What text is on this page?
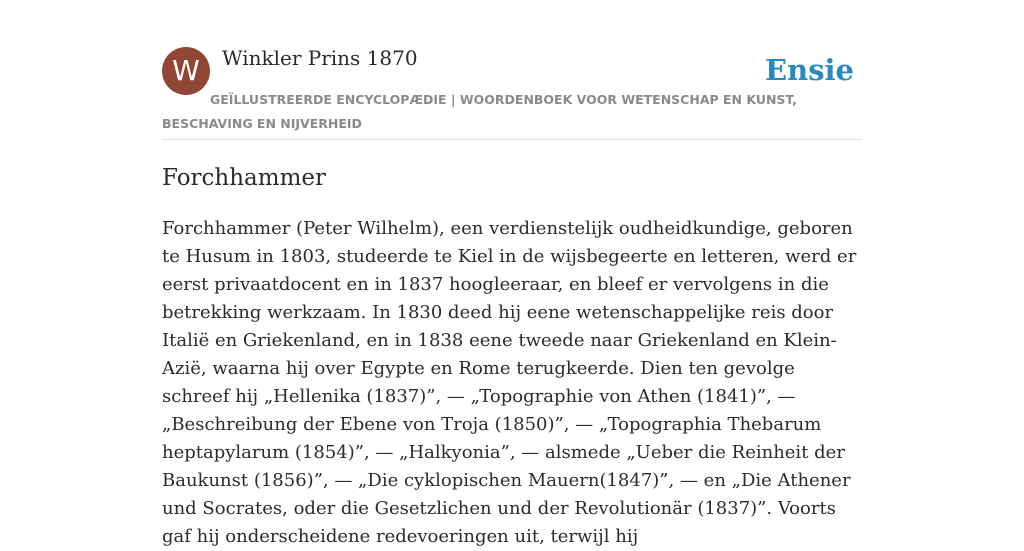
W	Winkler Prins 1870	Ensie

GEÏLLUSTREERDE ENCYCLOPÆDIE | WOORDENBOEK VOOR WETENSCHAP EN KUNST, BESCHAVING EN NIJVERHEID

Forchhammer

Forchhammer (Peter Wilhelm), een verdienstelijk oudheidkundige, geboren te Husum in 1803, studeerde te Kiel in de wijsbegeerte en letteren, werd er eerst privaatdocent en in 1837 hoogleeraar, en bleef er vervolgens in die betrekking werkzaam. In 1830 deed hij eene wetenschappelijke reis door Italië en Griekenland, en in 1838 eene tweede naar Griekenland en Klein-Azië, waarna hij over Egypte en Rome terugkeerde. Dien ten gevolge schreef hij „Hellenika (1837)”, — „Topographie von Athen (1841)”, — „Beschreibung der Ebene von Troja (1850)”, — „Topographia Thebarum heptapylarum (1854)”, — „Halkyonia”, — alsmede „Ueber die Reinheit der Baukunst (1856)”, — „Die cyklopischen Mauern(1847)”, — en „Die Athener und Socrates, oder die Gesetzlichen und der Revolutionär (1837)”. Voorts gaf hij onderscheidene redevoeringen uit, terwijl hij
